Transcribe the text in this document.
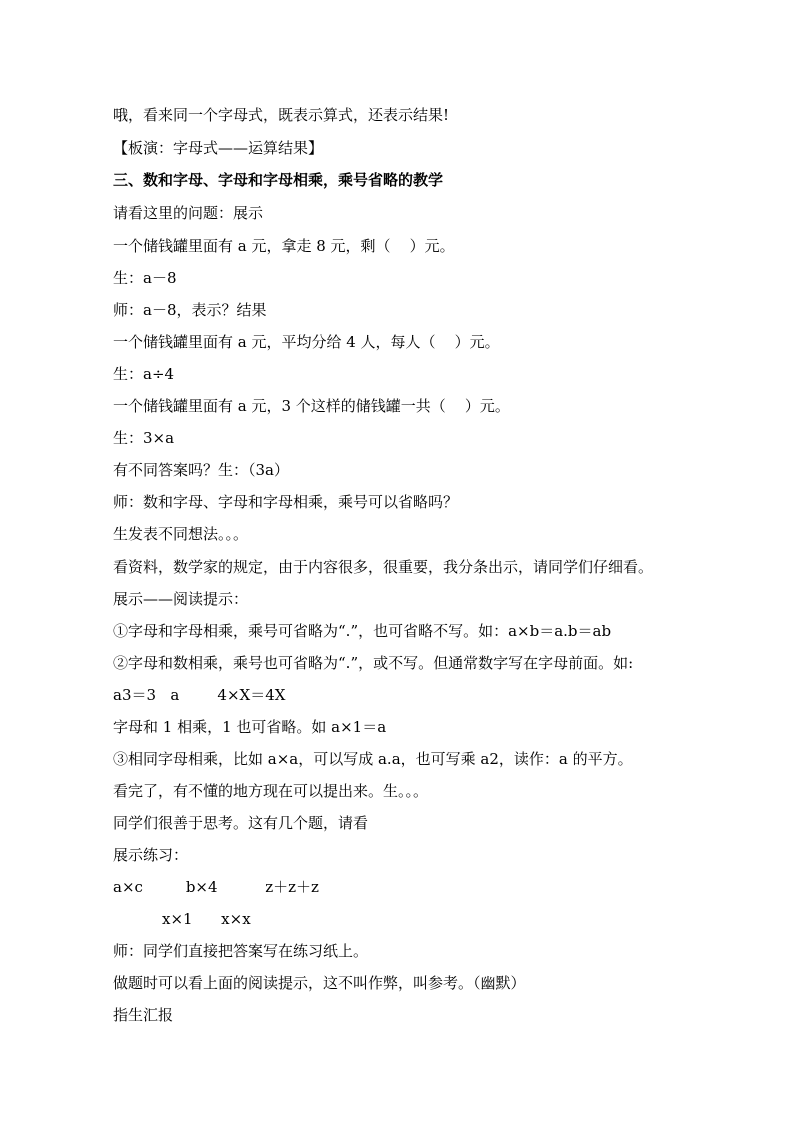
哦，看来同一个字母式，既表示算式，还表示结果!
【板演：字母式——运算结果】
三、数和字母、字母和字母相乘，乘号省略的教学
请看这里的问题：展示
一个储钱罐里面有 a 元，拿走 8 元，剩（    ）元。
生：a－8
师：a－8，表示？结果
一个储钱罐里面有 a 元，平均分给 4 人，每人（    ）元。
生：a÷4
一个储钱罐里面有 a 元，3 个这样的储钱罐一共（    ）元。
生：3×a
有不同答案吗？生：（3a）
师：数和字母、字母和字母相乘，乘号可以省略吗？
生发表不同想法。。。
看资料，数学家的规定，由于内容很多，很重要，我分条出示，请同学们仔细看。
展示——阅读提示：
①字母和字母相乘，乘号可省略为“.”，也可省略不写。如：a×b＝a.b＝ab
②字母和数相乘，乘号也可省略为“.”，或不写。但通常数字写在字母前面。如:
a3＝3   a        4×X＝4X
字母和 1 相乘，1 也可省略。如 a×1＝a
③相同字母相乘，比如 a×a，可以写成 a.a，也可写乘 a2，读作：a 的平方。
看完了，有不懂的地方现在可以提出来。生。。。
同学们很善于思考。这有几个题，请看
展示练习：
a×c         b×4          z＋z＋z
x×1      x×x
师：同学们直接把答案写在练习纸上。
做题时可以看上面的阅读提示，这不叫作弊，叫参考。（幽默）
指生汇报
